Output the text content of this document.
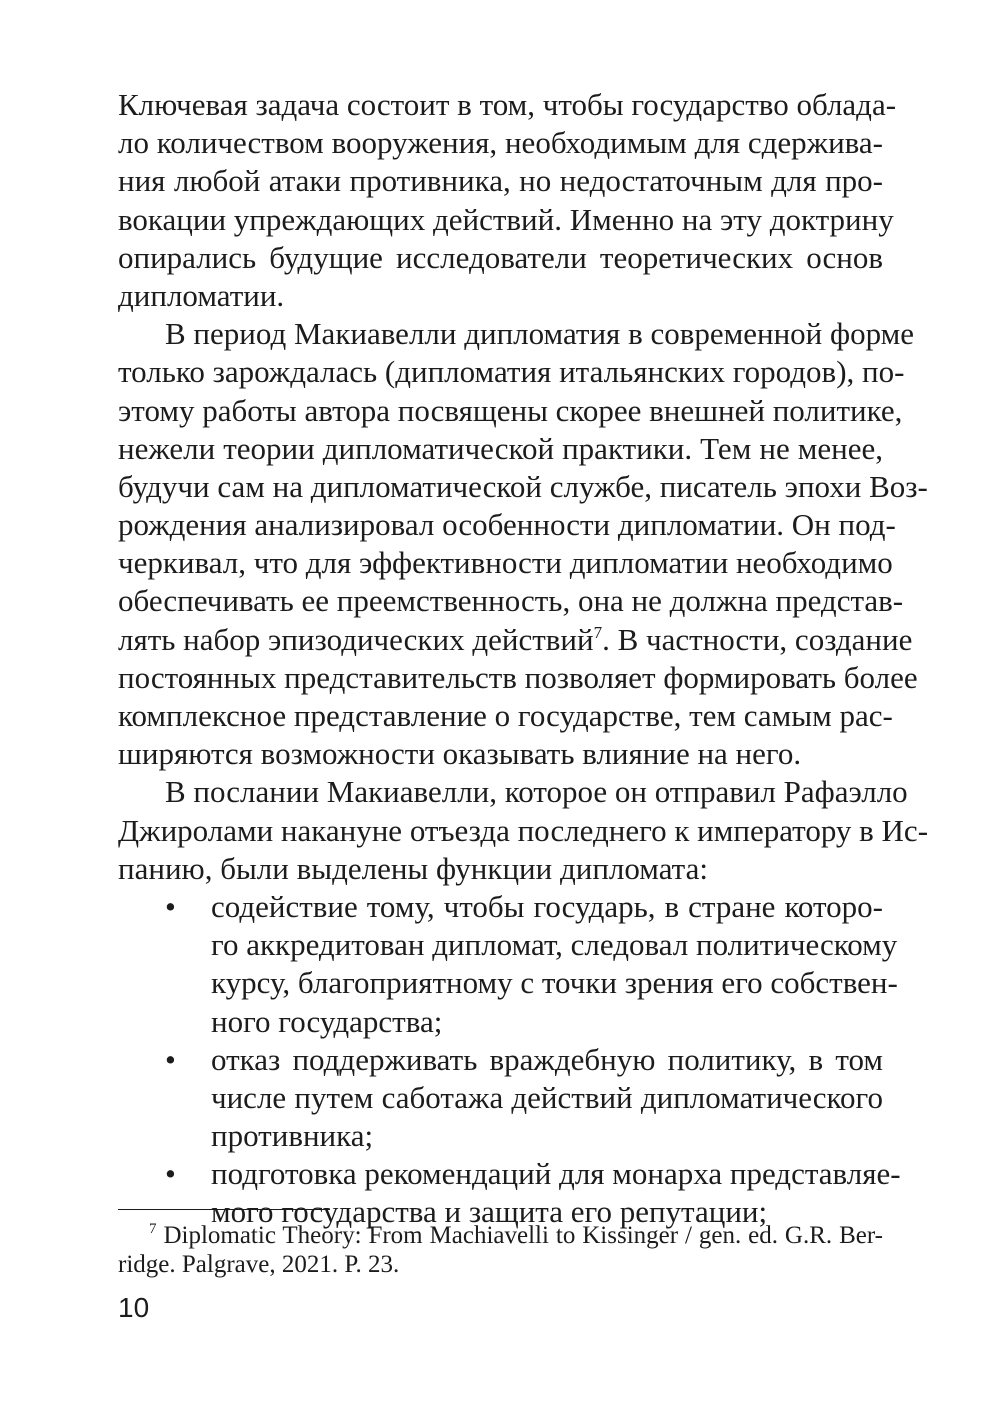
Ключевая задача состоит в том, чтобы государство облада-
ло количеством вооружения, необходимым для сдержива-
ния любой атаки противника, но недостаточным для про-
вокации упреждающих действий. Именно на эту доктрину
опирались будущие исследователи теоретических основ
дипломатии.
В период Макиавелли дипломатия в современной форме
только зарождалась (дипломатия итальянских городов), по-
этому работы автора посвящены скорее внешней политике,
нежели теории дипломатической практики. Тем не менее,
будучи сам на дипломатической службе, писатель эпохи Воз-
рождения анализировал особенности дипломатии. Он под-
черкивал, что для эффективности дипломатии необходимо
обеспечивать ее преемственность, она не должна представ-
лять набор эпизодических действий$^7$. В частности, создание
постоянных представительств позволяет формировать более
комплексное представление о государстве, тем самым рас-
ширяются возможности оказывать влияние на него.
В послании Макиавелли, которое он отправил Рафаэлло
Джиролами накануне отъезда последнего к императору в Ис-
панию, были выделены функции дипломата:
• содействие тому, чтобы государь, в стране которо-
го аккредитован дипломат, следовал политическому
курсу, благоприятному с точки зрения его собствен-
ного государства;
• отказ поддерживать враждебную политику, в том
числе путем саботажа действий дипломатического
противника;
• подготовка рекомендаций для монарха представляе-
мого государства и защита его репутации;
$^7$ Diplomatic Theory: From Machiavelli to Kissinger / gen. ed. G.R. Ber-
ridge. Palgrave, 2021. P. 23.
10
